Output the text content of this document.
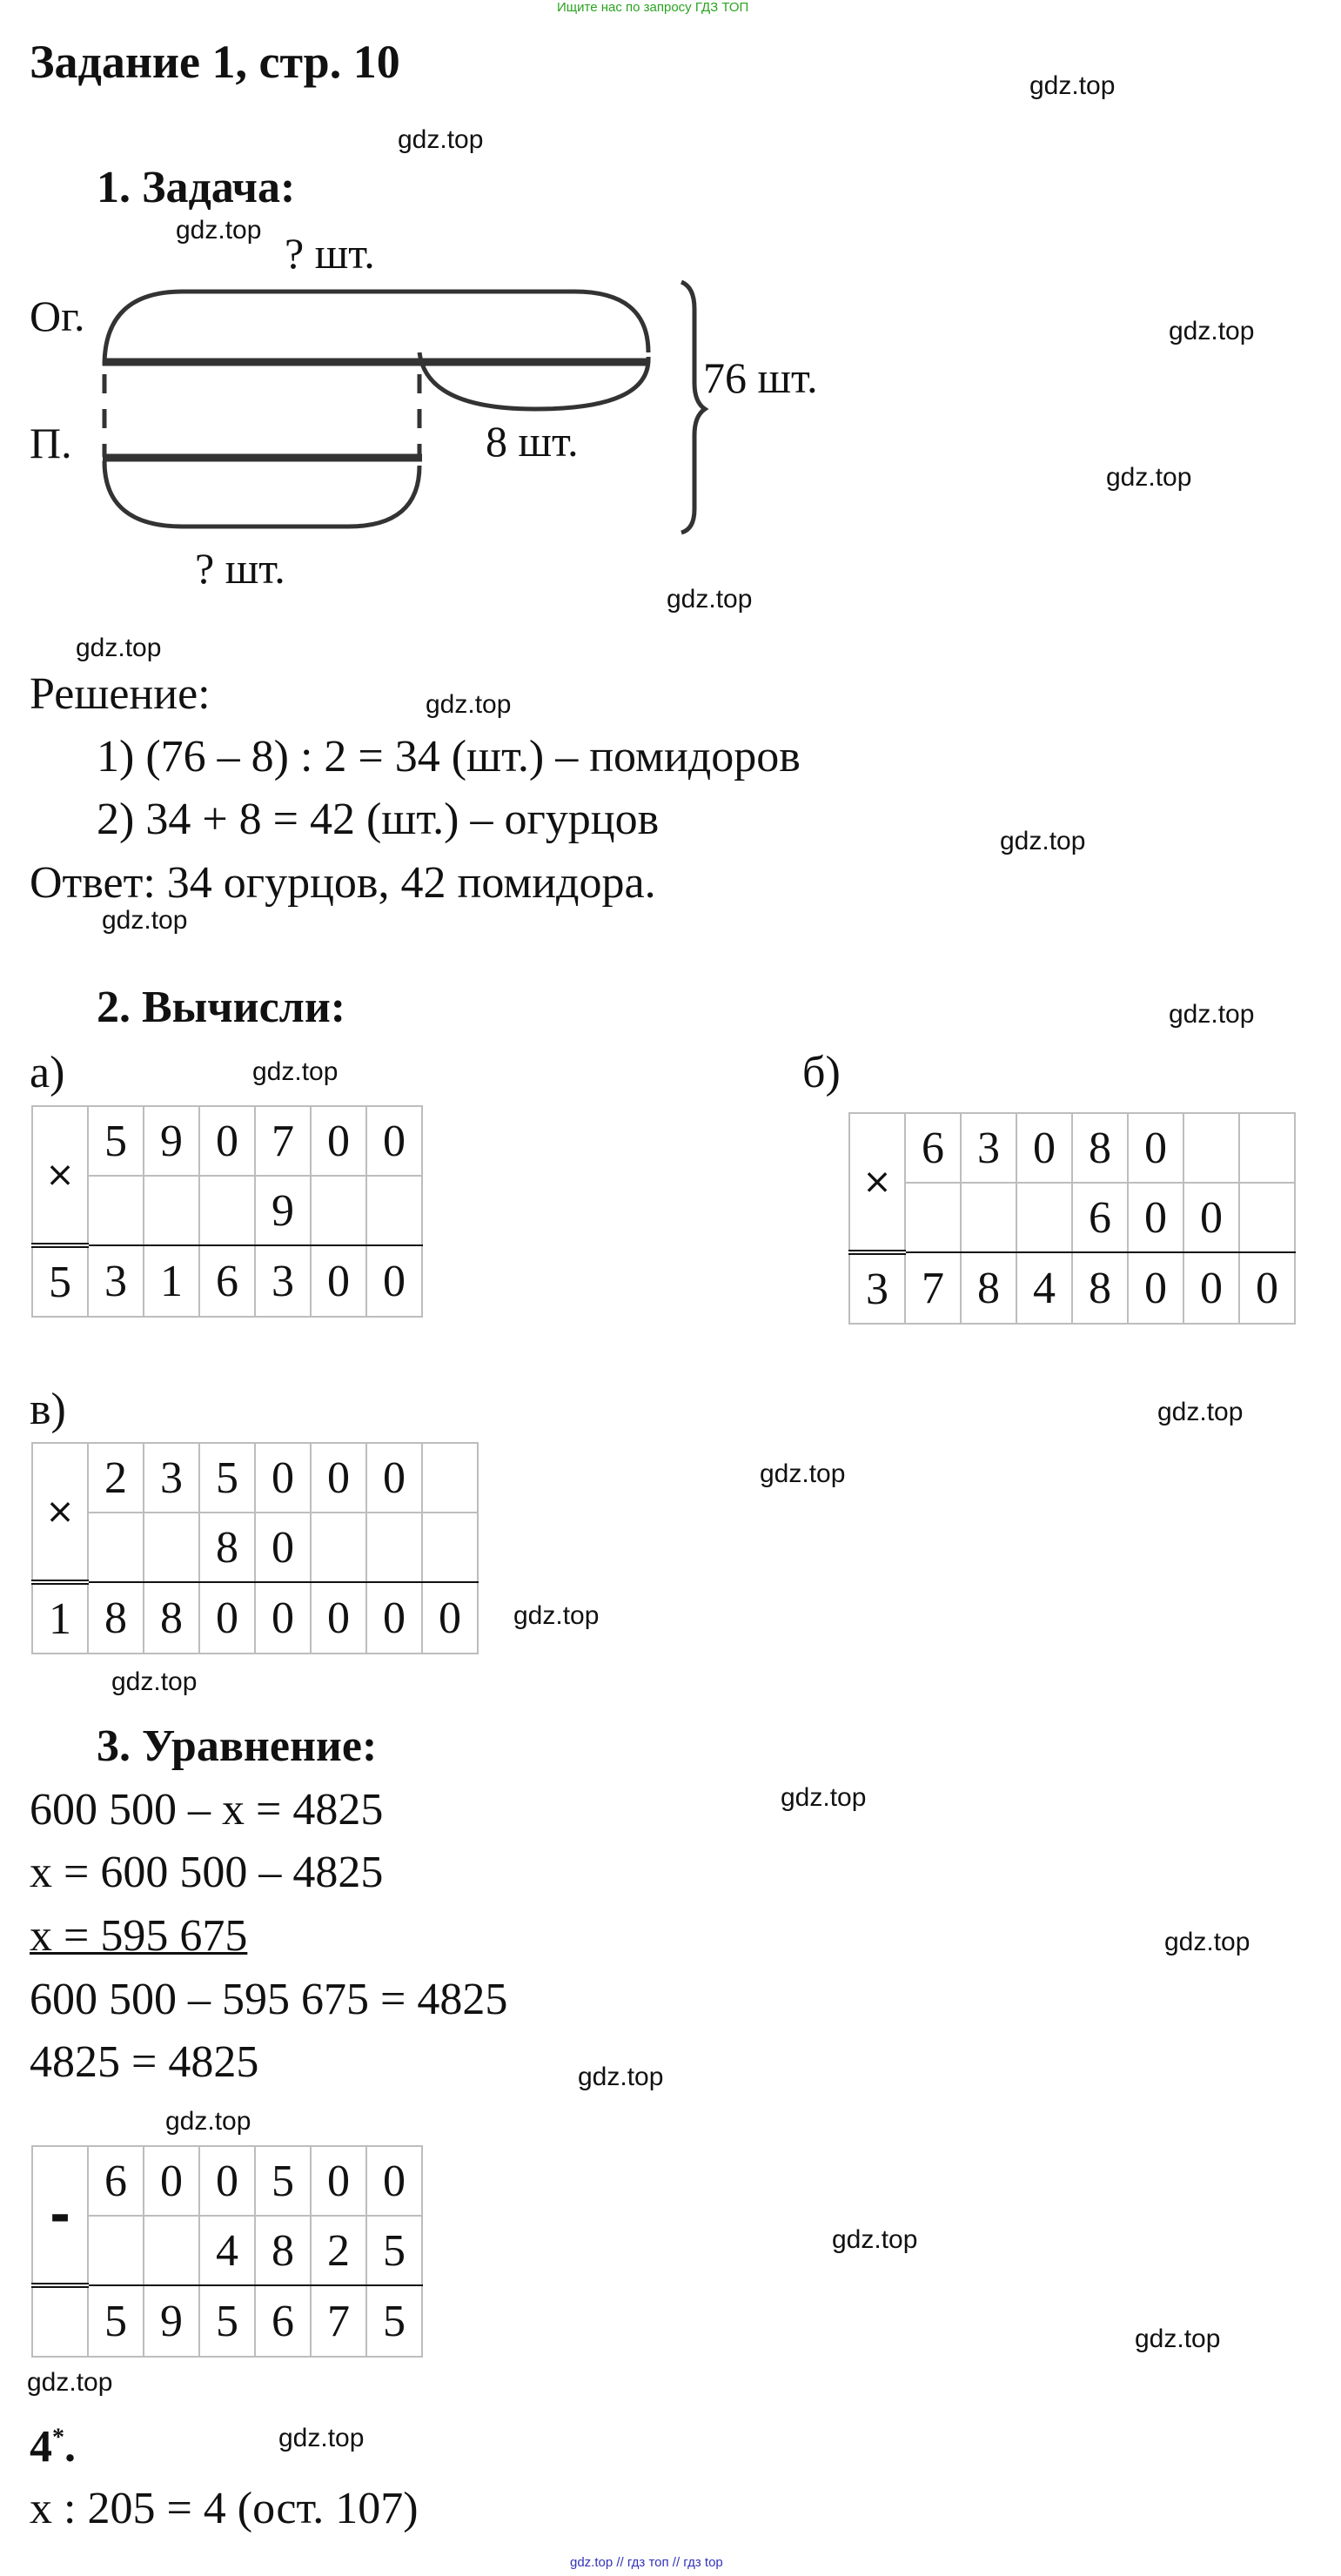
Ищите нас по запросу ГДЗ ТОП
gdz.top // гдз топ // гдз top
gdz.top
gdz.top
gdz.top
gdz.top
gdz.top
gdz.top
gdz.top
gdz.top
gdz.top
gdz.top
gdz.top
gdz.top
gdz.top
gdz.top
gdz.top
gdz.top
gdz.top
gdz.top
gdz.top
gdz.top
gdz.top
gdz.top
gdz.top
gdz.top
Задание 1, стр. 10
1. Задача:
? шт.
Ог.
76 шт.
8 шт.
П.
? шт.
Решение:
1) (76 – 8) : 2 = 34 (шт.) – помидоров
2) 34 + 8 = 42 (шт.) – огурцов
Ответ: 34 огурцов, 42 помидора.
2. Вычисли:
а)
×	5	9	0	7	0	0
				9		
5	3	1	6	3	0	0
б)
×	6	3	0	8	0		
				6	0	0	
3	7	8	4	8	0	0	0
в)
×	2	3	5	0	0	0	
			8	0			
1	8	8	0	0	0	0	0
3. Уравнение:
600 500 – х = 4825
х = 600 500 – 4825
х = 595 675
600 500 – 595 675 = 4825
4825 = 4825
-	6	0	0	5	0	0
			4	8	2	5
	5	9	5	6	7	5
4*.
х : 205 = 4 (ост. 107)
